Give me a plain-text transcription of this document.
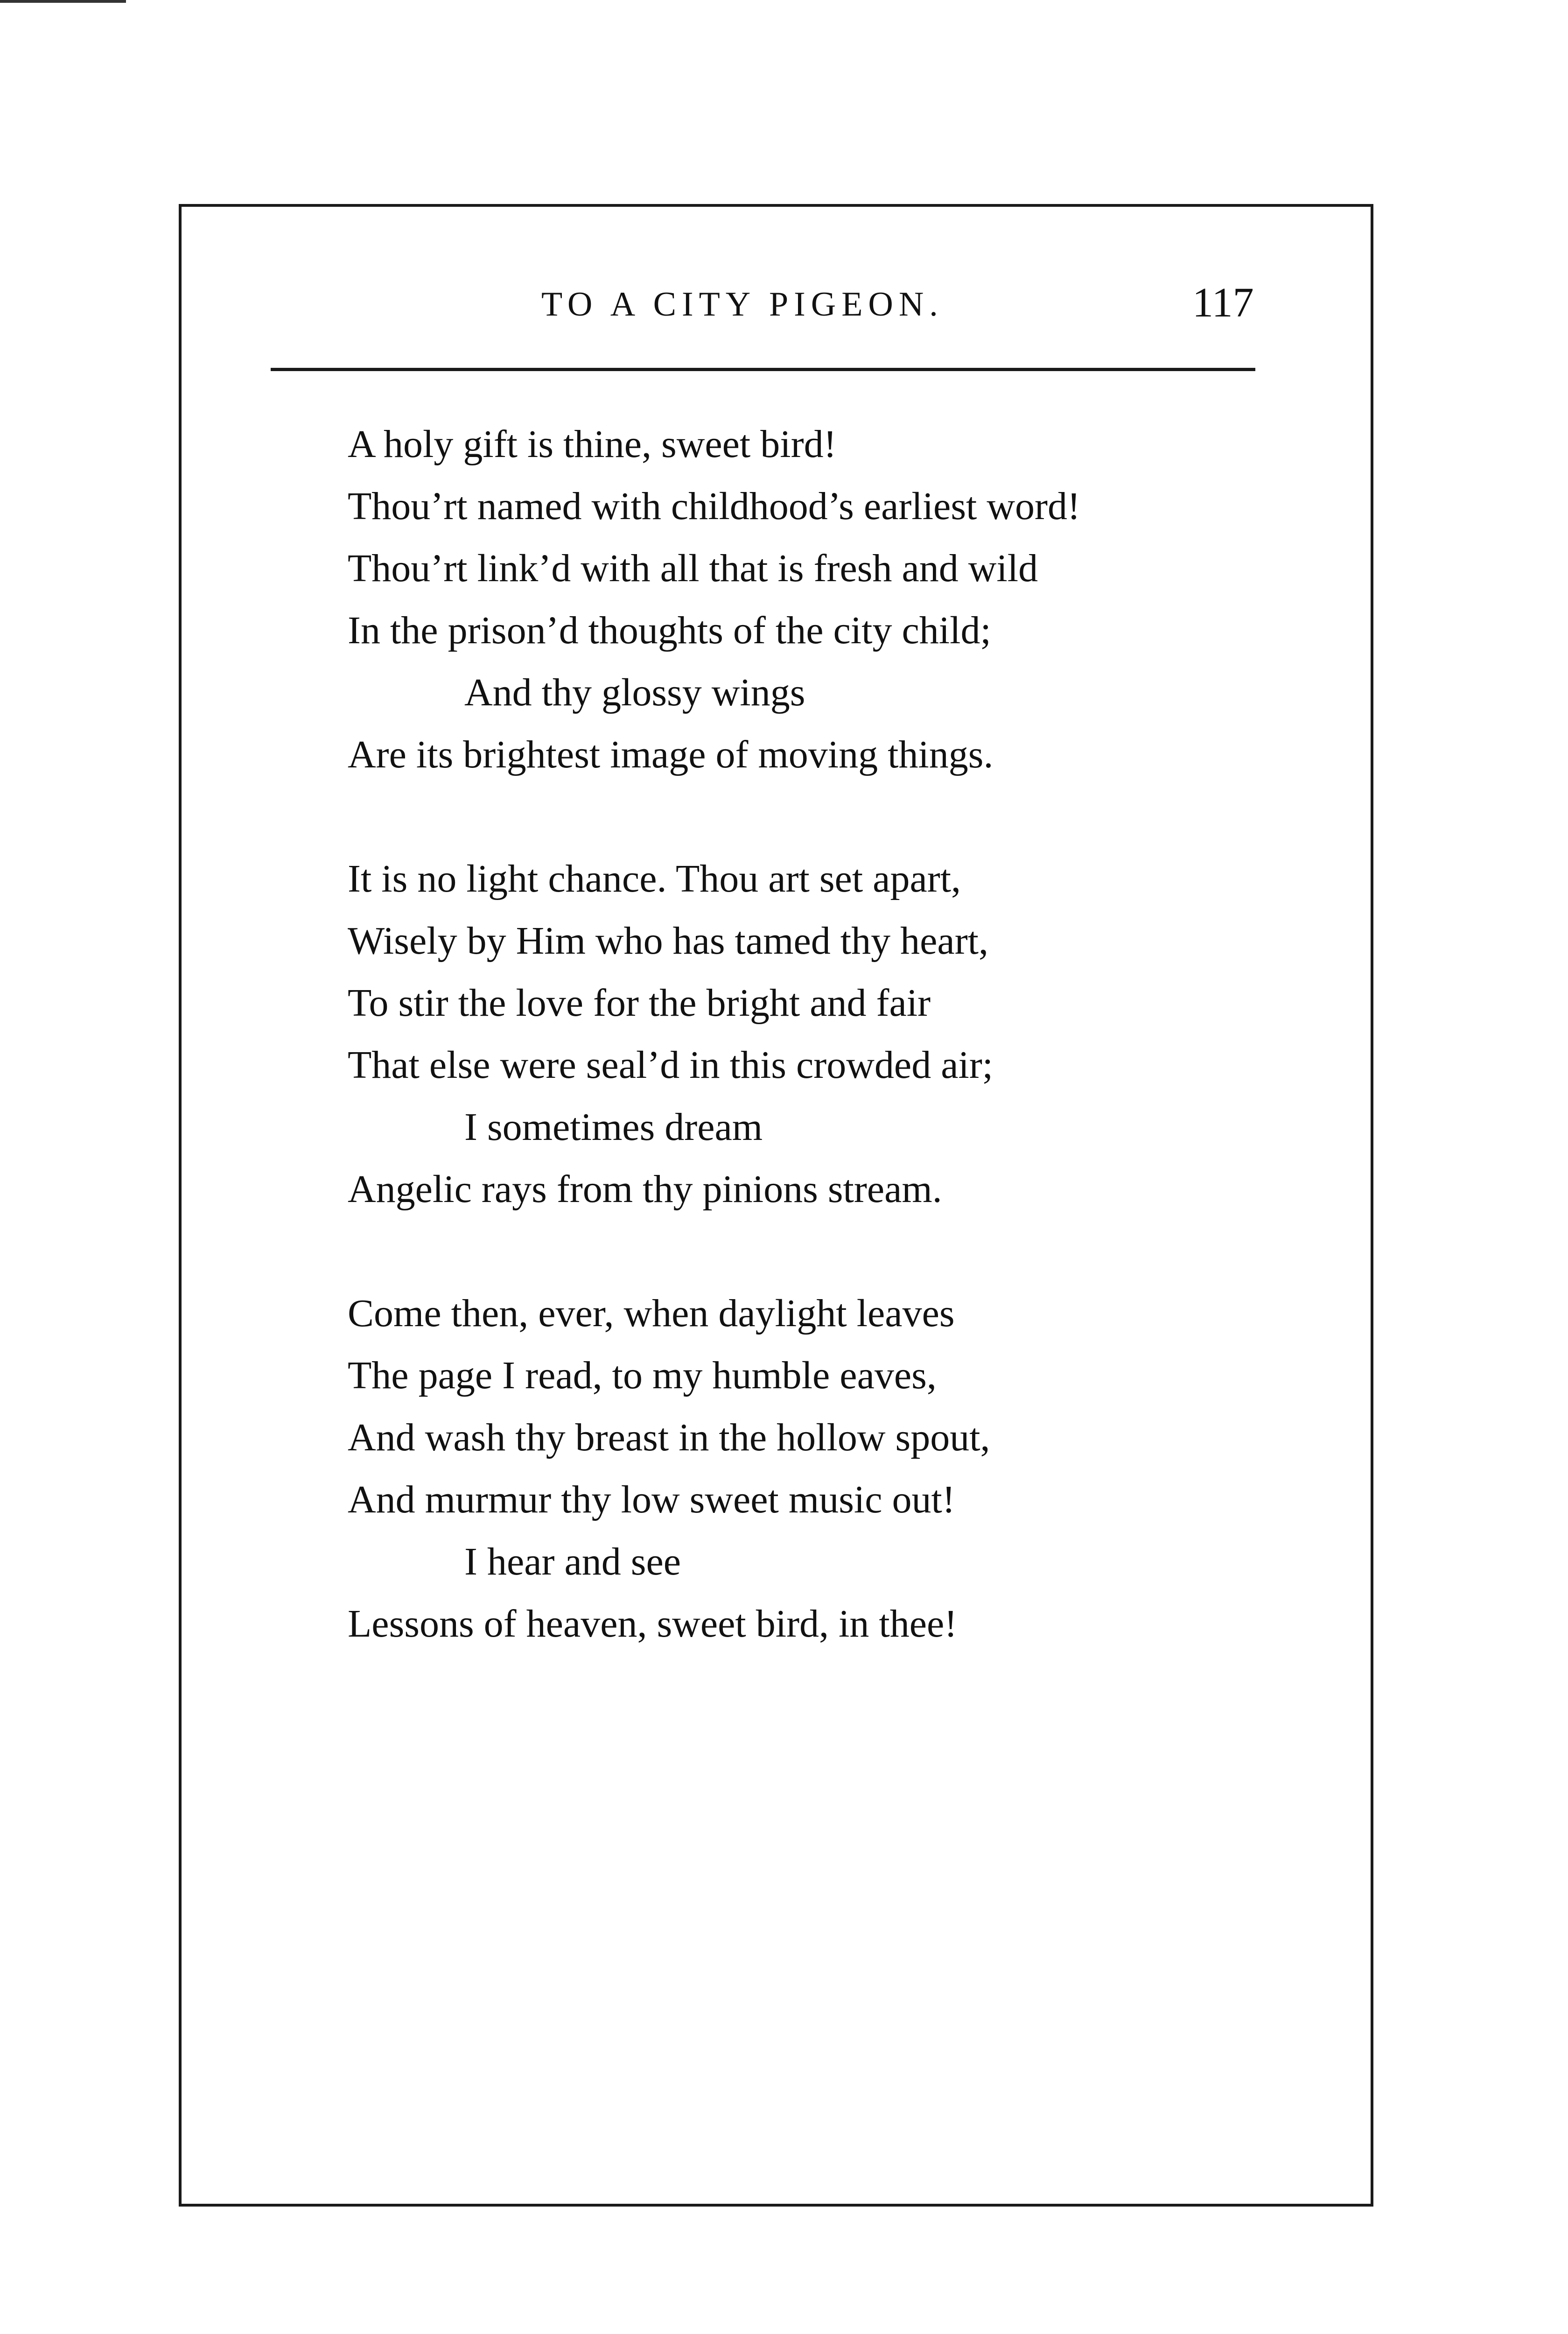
TO A CITY PIGEON.	117
A holy gift is thine, sweet bird!
Thou’rt named with childhood’s earliest word!
Thou’rt link’d with all that is fresh and wild
In the prison’d thoughts of the city child;
And thy glossy wings
Are its brightest image of moving things.
It is no light chance. Thou art set apart,
Wisely by Him who has tamed thy heart,
To stir the love for the bright and fair
That else were seal’d in this crowded air;
I sometimes dream
Angelic rays from thy pinions stream.
Come then, ever, when daylight leaves
The page I read, to my humble eaves,
And wash thy breast in the hollow spout,
And murmur thy low sweet music out!
I hear and see
Lessons of heaven, sweet bird, in thee!
